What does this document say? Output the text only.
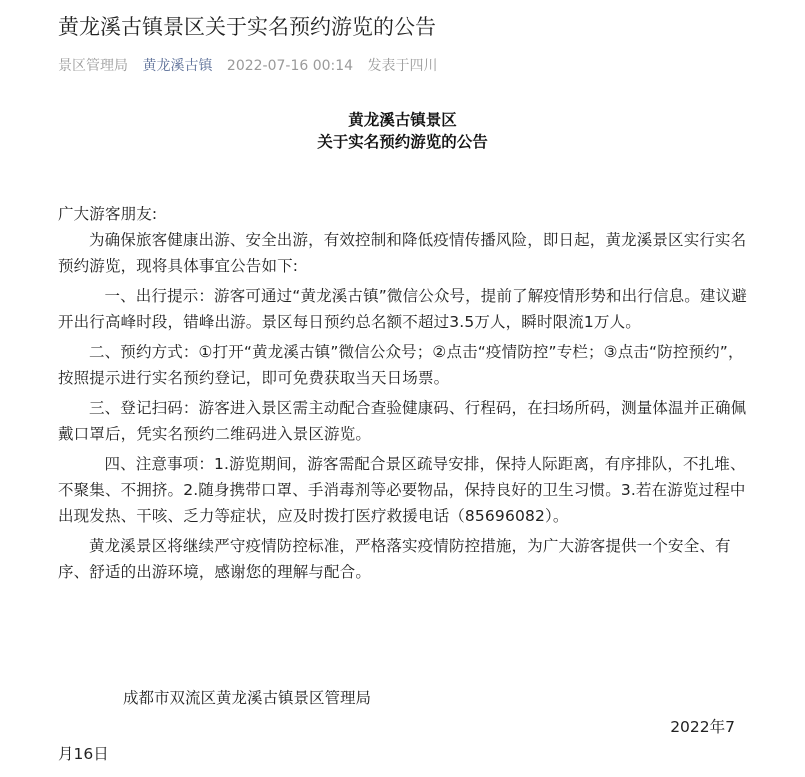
黄龙溪古镇景区关于实名预约游览的公告
景区管理局 黄龙溪古镇 2022-07-16 00:14 发表于四川
黄龙溪古镇景区
关于实名预约游览的公告

广大游客朋友:

为确保旅客健康出游、安全出游，有效控制和降低疫情传播风险，即日起，黄龙溪景区实行实名预约游览，现将具体事宜公告如下:

一、出行提示：游客可通过“黄龙溪古镇”微信公众号，提前了解疫情形势和出行信息。建议避开出行高峰时段，错峰出游。景区每日预约总名额不超过3.5万人，瞬时限流1万人。

二、预约方式：①打开“黄龙溪古镇”微信公众号；②点击“疫情防控”专栏；③点击“防控预约”，按照提示进行实名预约登记，即可免费获取当天日场票。

三、登记扫码：游客进入景区需主动配合查验健康码、行程码，在扫场所码，测量体温并正确佩戴口罩后，凭实名预约二维码进入景区游览。

四、注意事项：1.游览期间，游客需配合景区疏导安排，保持人际距离，有序排队，不扎堆、不聚集、不拥挤。2.随身携带口罩、手消毒剂等必要物品，保持良好的卫生习惯。3.若在游览过程中出现发热、干咳、乏力等症状，应及时拨打医疗救援电话（85696082）。

黄龙溪景区将继续严守疫情防控标准，严格落实疫情防控措施，为广大游客提供一个安全、有序、舒适的出游环境，感谢您的理解与配合。

成都市双流区黄龙溪古镇景区管理局
2022年7
月16日
